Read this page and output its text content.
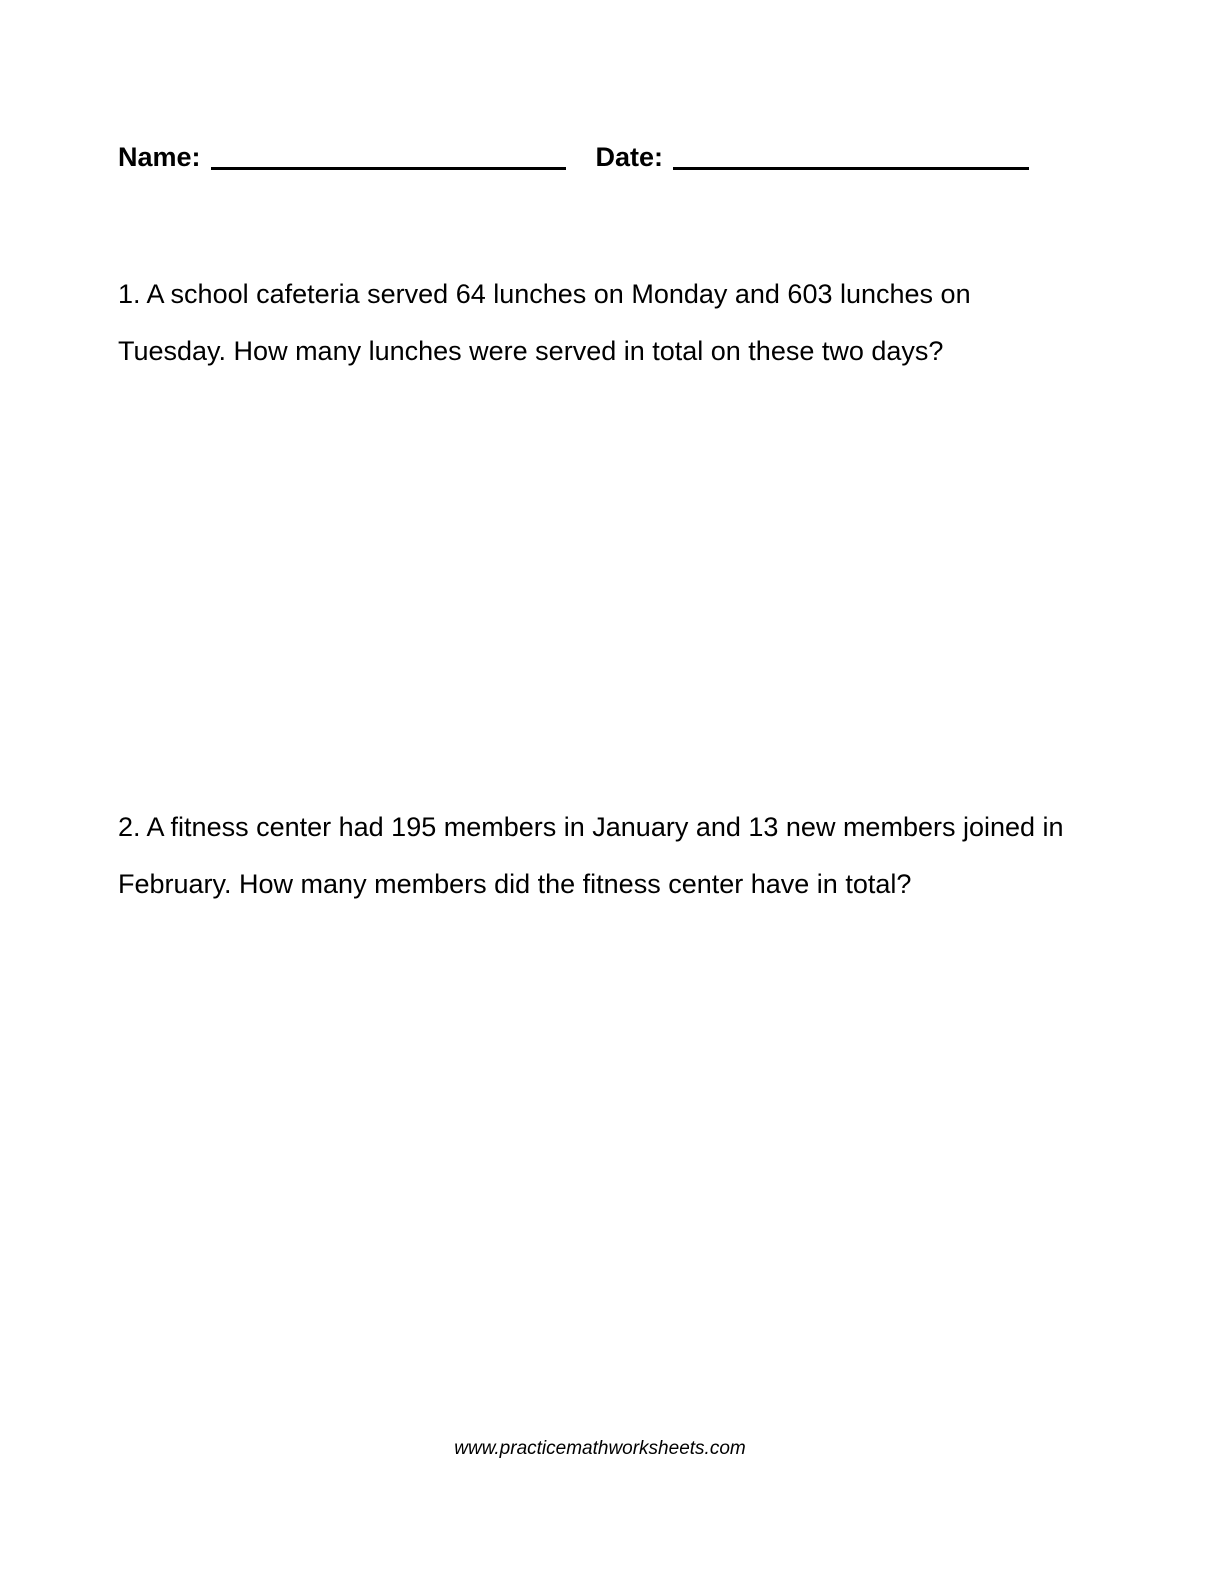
Name:	Date:
1. A school cafeteria served 64 lunches on Monday and 603 lunches on
Tuesday. How many lunches were served in total on these two days?
2. A fitness center had 195 members in January and 13 new members joined in
February. How many members did the fitness center have in total?
www.practicemathworksheets.com
